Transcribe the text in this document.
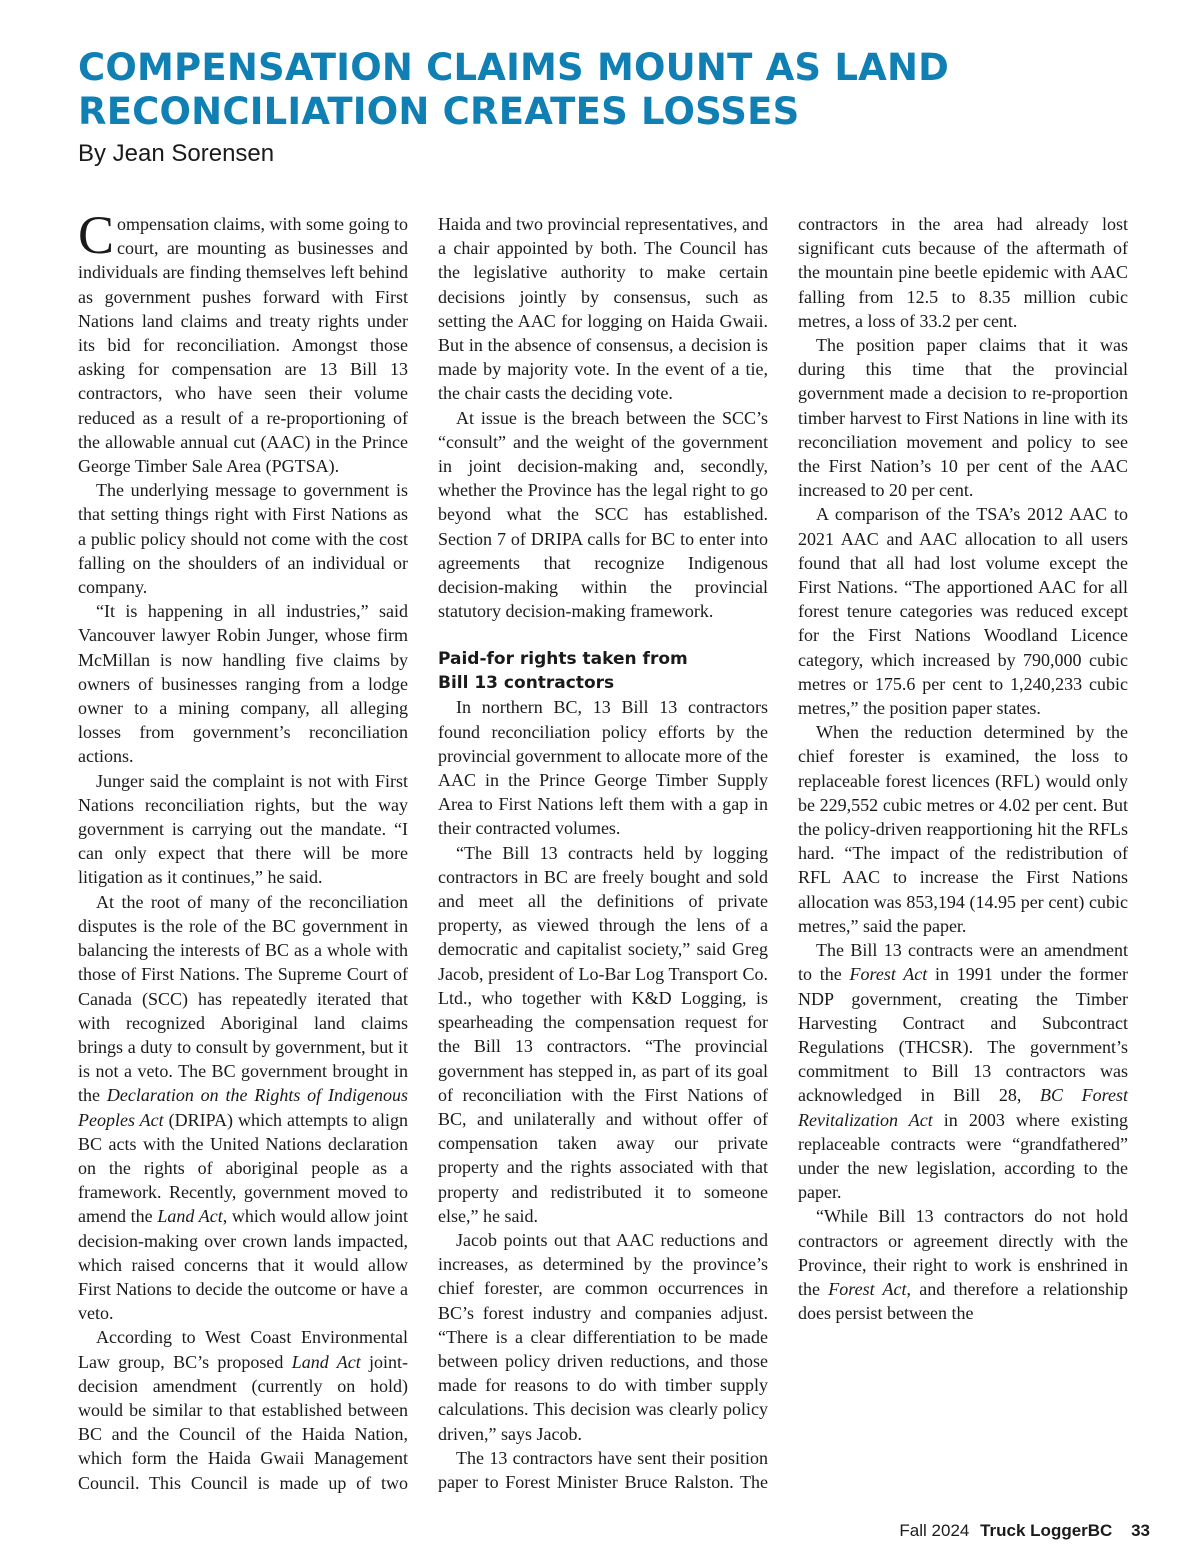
COMPENSATION CLAIMS MOUNT AS LAND RECONCILIATION CREATES LOSSES
By Jean Sorensen

Compensation claims, with some going to court, are mounting as businesses and individuals are finding themselves left behind as government pushes forward with First Nations land claims and treaty rights under its bid for reconciliation. Amongst those asking for compensation are 13 Bill 13 contractors, who have seen their volume reduced as a result of a re-proportioning of the allowable annual cut (AAC) in the Prince George Timber Sale Area (PGTSA).

The underlying message to government is that setting things right with First Nations as a public policy should not come with the cost falling on the shoulders of an individual or company.

“It is happening in all industries,” said Vancouver lawyer Robin Junger, whose firm McMillan is now handling five claims by owners of businesses ranging from a lodge owner to a mining company, all alleging losses from government’s reconciliation actions.

Junger said the complaint is not with First Nations reconciliation rights, but the way government is carrying out the mandate. “I can only expect that there will be more litigation as it continues,” he said.

At the root of many of the reconciliation disputes is the role of the BC government in balancing the interests of BC as a whole with those of First Nations. The Supreme Court of Canada (SCC) has repeatedly iterated that with recognized Aboriginal land claims brings a duty to consult by government, but it is not a veto. The BC government brought in the Declaration on the Rights of Indigenous Peoples Act (DRIPA) which attempts to align BC acts with the United Nations declaration on the rights of aboriginal people as a framework. Recently, government moved to amend the Land Act, which would allow joint decision-making over crown lands impacted, which raised concerns that it would allow First Nations to decide the outcome or have a veto.

According to West Coast Environmental Law group, BC’s proposed Land Act joint-decision amendment (currently on hold) would be similar to that established between BC and the Council of the Haida Nation, which form the Haida Gwaii Management Council. This Council is made up of two Haida and two provincial representatives, and a chair appointed by both. The Council has the legislative authority to make certain decisions jointly by consensus, such as setting the AAC for logging on Haida Gwaii. But in the absence of consensus, a decision is made by majority vote. In the event of a tie, the chair casts the deciding vote.

At issue is the breach between the SCC’s “consult” and the weight of the government in joint decision-making and, secondly, whether the Province has the legal right to go beyond what the SCC has established. Section 7 of DRIPA calls for BC to enter into agreements that recognize Indigenous decision-making within the provincial statutory decision-making framework.

Paid-for rights taken from
Bill 13 contractors

In northern BC, 13 Bill 13 contractors found reconciliation policy efforts by the provincial government to allocate more of the AAC in the Prince George Timber Supply Area to First Nations left them with a gap in their contracted volumes.

“The Bill 13 contracts held by logging contractors in BC are freely bought and sold and meet all the definitions of private property, as viewed through the lens of a democratic and capitalist society,” said Greg Jacob, president of Lo-Bar Log Transport Co. Ltd., who together with K&D Logging, is spearheading the compensation request for the Bill 13 contractors. “The provincial government has stepped in, as part of its goal of reconciliation with the First Nations of BC, and unilaterally and without offer of compensation taken away our private property and the rights associated with that property and redistributed it to someone else,” he said.

Jacob points out that AAC reductions and increases, as determined by the province’s chief forester, are common occurrences in BC’s forest industry and companies adjust. “There is a clear differentiation to be made between policy driven reductions, and those made for reasons to do with timber supply calculations. This decision was clearly policy driven,” says Jacob.

The 13 contractors have sent their position paper to Forest Minister Bruce Ralston. The contractors in the area had already lost significant cuts because of the aftermath of the mountain pine beetle epidemic with AAC falling from 12.5 to 8.35 million cubic metres, a loss of 33.2 per cent.

The position paper claims that it was during this time that the provincial government made a decision to re-proportion timber harvest to First Nations in line with its reconciliation movement and policy to see the First Nation’s 10 per cent of the AAC increased to 20 per cent.

A comparison of the TSA’s 2012 AAC to 2021 AAC and AAC allocation to all users found that all had lost volume except the First Nations. “The apportioned AAC for all forest tenure categories was reduced except for the First Nations Woodland Licence category, which increased by 790,000 cubic metres or 175.6 per cent to 1,240,233 cubic metres,” the position paper states.

When the reduction determined by the chief forester is examined, the loss to replaceable forest licences (RFL) would only be 229,552 cubic metres or 4.02 per cent. But the policy-driven reapportioning hit the RFLs hard. “The impact of the redistribution of RFL AAC to increase the First Nations allocation was 853,194 (14.95 per cent) cubic metres,” said the paper.

The Bill 13 contracts were an amendment to the Forest Act in 1991 under the former NDP government, creating the Timber Harvesting Contract and Subcontract Regulations (THCSR). The government’s commitment to Bill 13 contractors was acknowledged in Bill 28, BC Forest Revitalization Act in 2003 where existing replaceable contracts were “grandfathered” under the new legislation, according to the paper.

“While Bill 13 contractors do not hold contractors or agreement directly with the Province, their right to work is enshrined in the Forest Act, and therefore a relationship does persist between the

Fall 2024 Truck LoggerBC 33
